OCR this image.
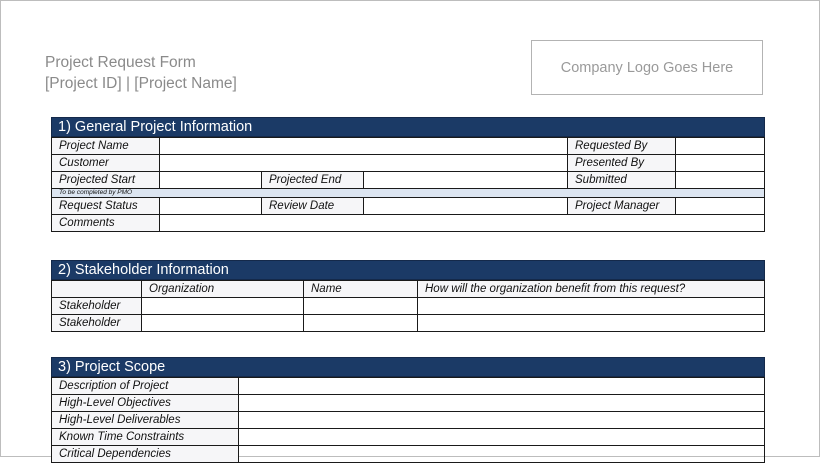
Project Request Form
[Project ID] | [Project Name]
Company Logo Goes Here
1) General Project Information
Project Name				Requested By	
Customer				Presented By	
Projected Start		Projected End		Submitted	
To be completed by PMO					
Request Status		Review Date		Project Manager	
Comments					
2) Stakeholder Information
	Organization	Name	How will the organization benefit from this request?
Stakeholder			
Stakeholder			
3) Project Scope
Description of Project	
High-Level Objectives	
High-Level Deliverables	
Known Time Constraints	
Critical Dependencies	
